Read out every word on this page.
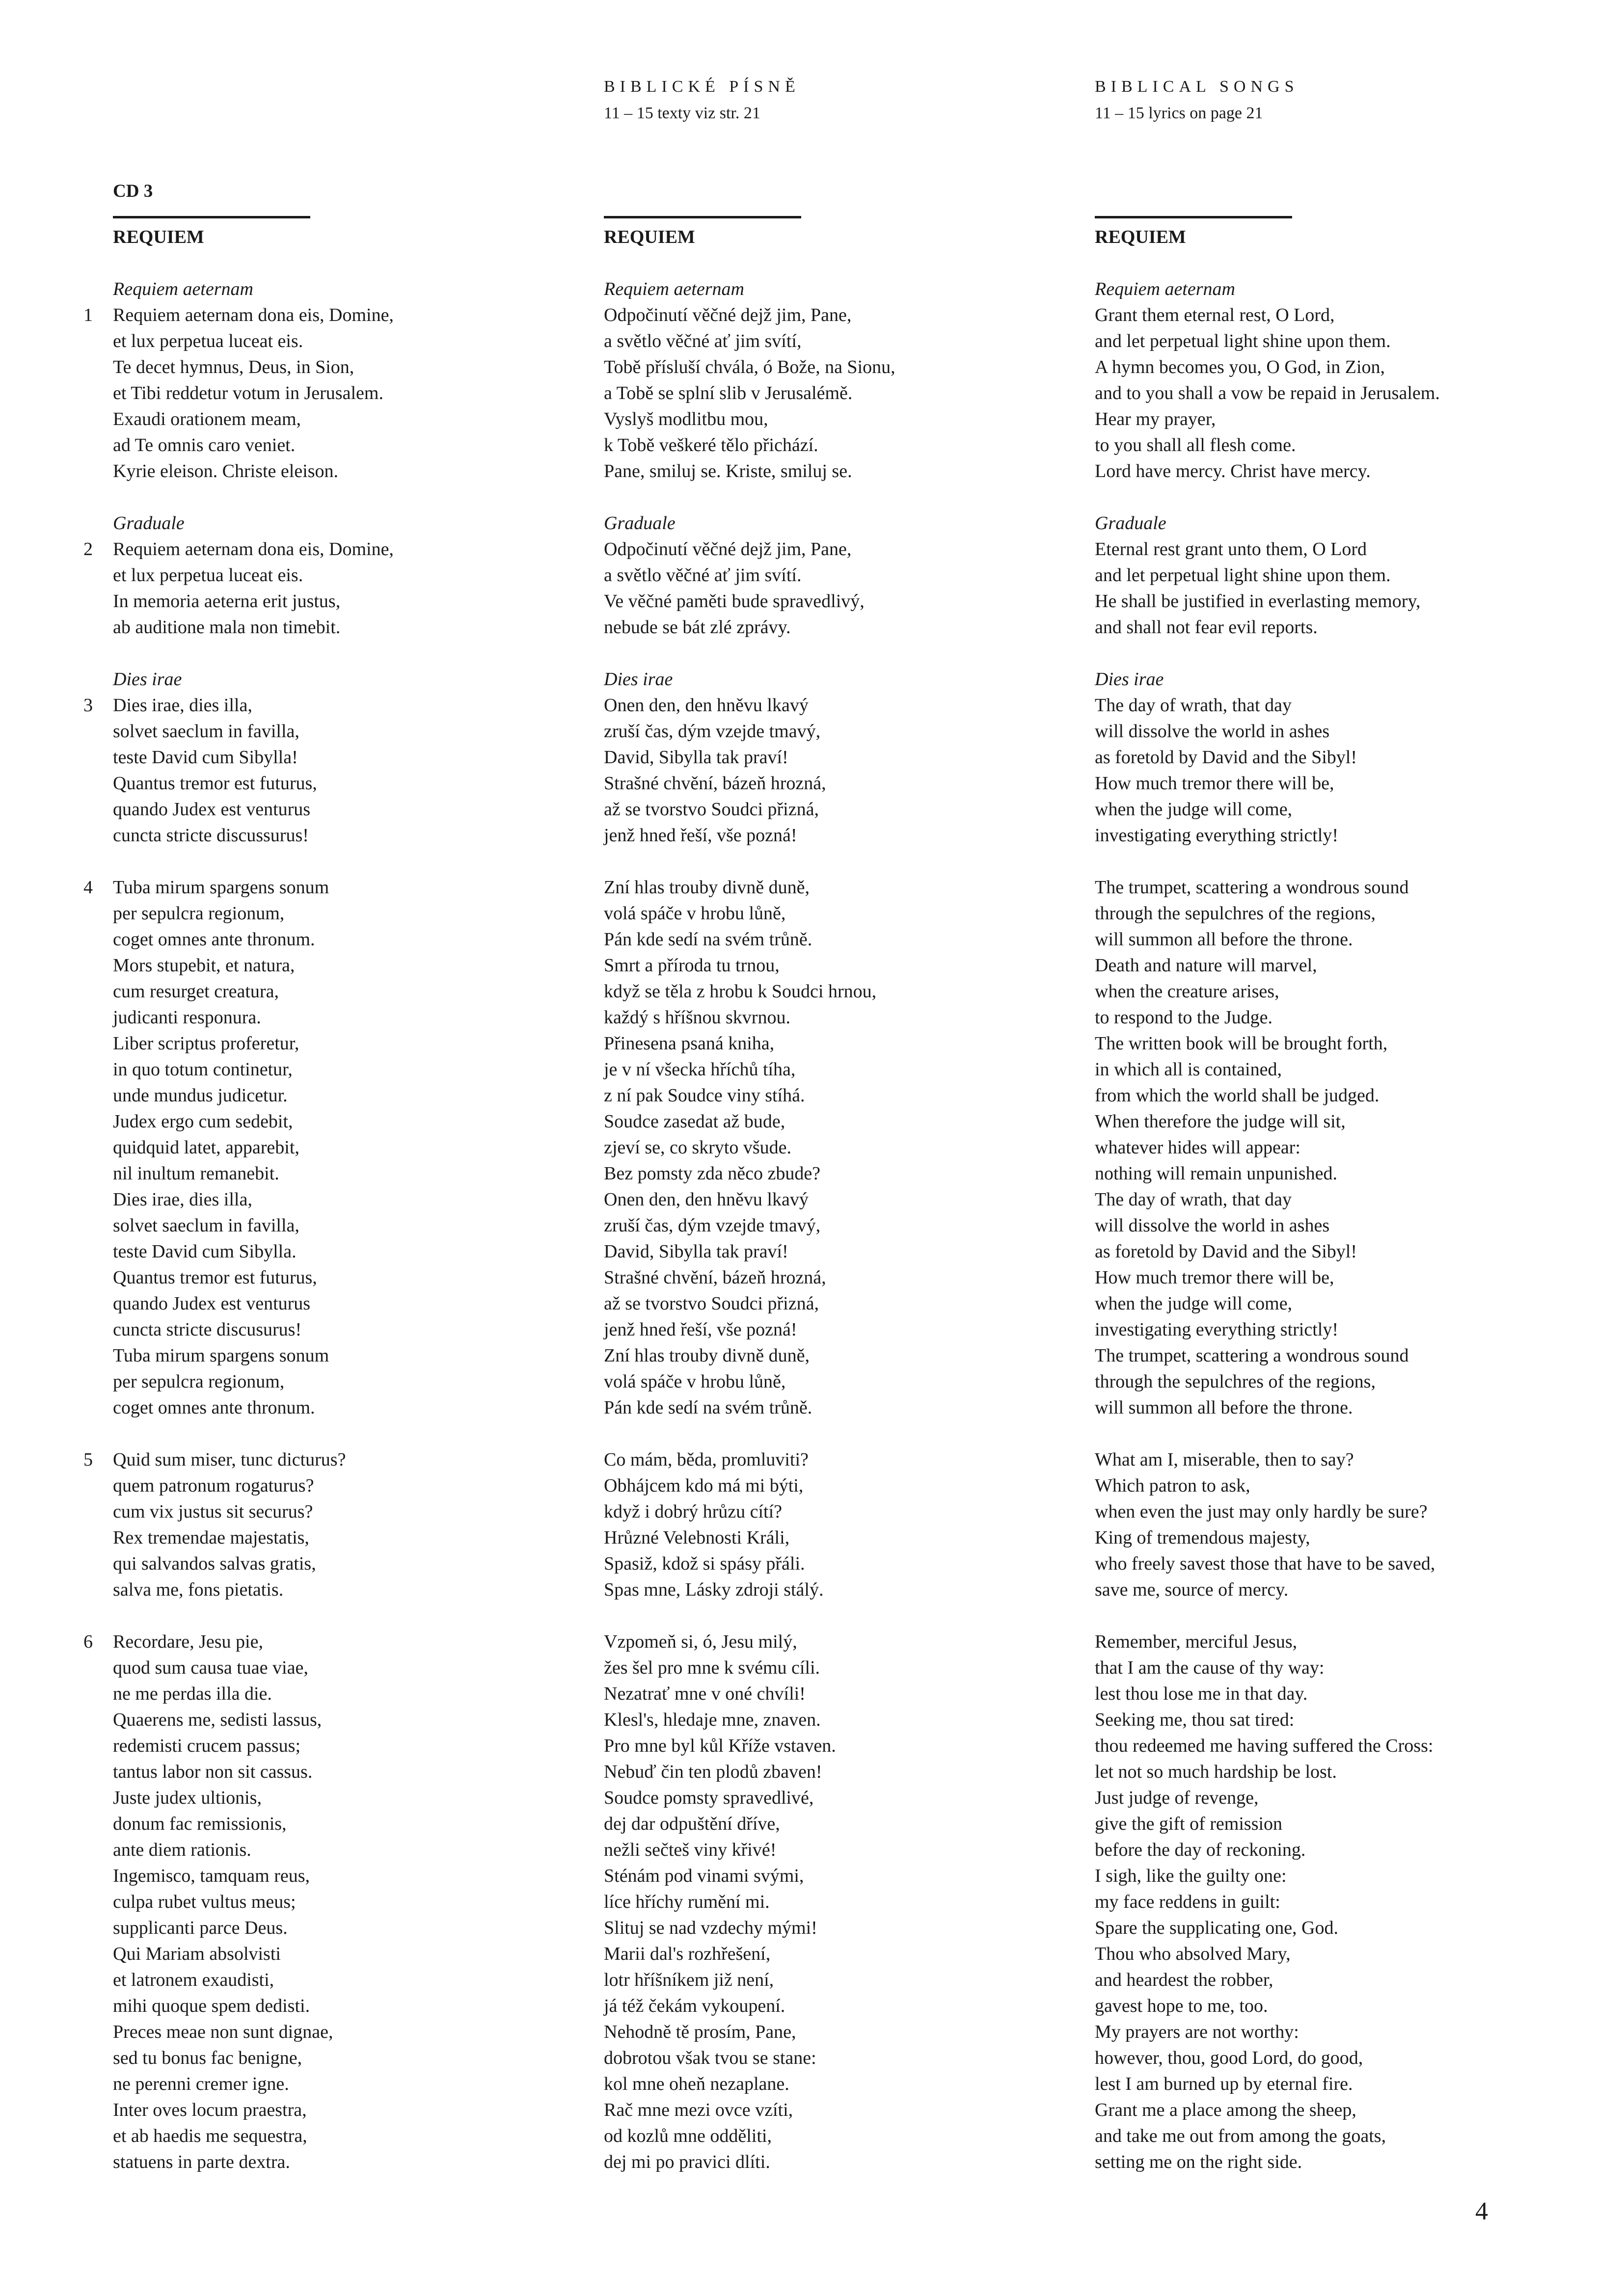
BIBLICKÉ PÍSNĚ
11 – 15 texty viz str. 21
BIBLICAL SONGS
11 – 15 lyrics on page 21
CD 3
REQUIEM
Requiem aeternam
1 Requiem aeternam dona eis, Domine,
et lux perpetua luceat eis.
Te decet hymnus, Deus, in Sion,
et Tibi reddetur votum in Jerusalem.
Exaudi orationem meam,
ad Te omnis caro veniet.
Kyrie eleison. Christe eleison.
Graduale
2 Requiem aeternam dona eis, Domine,
et lux perpetua luceat eis.
In memoria aeterna erit justus,
ab auditione mala non timebit.
Dies irae
3 Dies irae, dies illa,
solvet saeclum in favilla,
teste David cum Sibylla!
Quantus tremor est futurus,
quando Judex est venturus
cuncta stricte discussurus!
4 Tuba mirum spargens sonum
per sepulcra regionum,
coget omnes ante thronum.
Mors stupebit, et natura,
cum resurget creatura,
judicanti responura.
Liber scriptus proferetur,
in quo totum continetur,
unde mundus judicetur.
Judex ergo cum sedebit,
quidquid latet, apparebit,
nil inultum remanebit.
Dies irae, dies illa,
solvet saeclum in favilla,
teste David cum Sibylla.
Quantus tremor est futurus,
quando Judex est venturus
cuncta stricte discusurus!
Tuba mirum spargens sonum
per sepulcra regionum,
coget omnes ante thronum.
5 Quid sum miser, tunc dicturus?
quem patronum rogaturus?
cum vix justus sit securus?
Rex tremendae majestatis,
qui salvandos salvas gratis,
salva me, fons pietatis.
6 Recordare, Jesu pie,
quod sum causa tuae viae,
ne me perdas illa die.
Quaerens me, sedisti lassus,
redemisti crucem passus;
tantus labor non sit cassus.
Juste judex ultionis,
donum fac remissionis,
ante diem rationis.
Ingemisco, tamquam reus,
culpa rubet vultus meus;
supplicanti parce Deus.
Qui Mariam absolvisti
et latronem exaudisti,
mihi quoque spem dedisti.
Preces meae non sunt dignae,
sed tu bonus fac benigne,
ne perenni cremer igne.
Inter oves locum praestra,
et ab haedis me sequestra,
statuens in parte dextra.
REQUIEM
Requiem aeternam
Odpočinutí věčné dejž jim, Pane,
a světlo věčné ať jim svítí,
Tobě přísluší chvála, ó Bože, na Sionu,
a Tobě se splní slib v Jerusalémě.
Vyslyš modlitbu mou,
k Tobě veškeré tělo přichází.
Pane, smiluj se. Kriste, smiluj se.
Graduale
Odpočinutí věčné dejž jim, Pane,
a světlo věčné ať jim svítí.
Ve věčné paměti bude spravedlivý,
nebude se bát zlé zprávy.
Dies irae
Onen den, den hněvu lkavý
zruší čas, dým vzejde tmavý,
David, Sibylla tak praví!
Strašné chvění, bázeň hrozná,
až se tvorstvo Soudci přizná,
jenž hned řeší, vše pozná!
Zní hlas trouby divně duně,
volá spáče v hrobu lůně,
Pán kde sedí na svém trůně.
Smrt a příroda tu trnou,
když se těla z hrobu k Soudci hrnou,
každý s hříšnou skvrnou.
Přinesena psaná kniha,
je v ní všecka hříchů tíha,
z ní pak Soudce viny stíhá.
Soudce zasedat až bude,
zjeví se, co skryto všude.
Bez pomsty zda něco zbude?
Onen den, den hněvu lkavý
zruší čas, dým vzejde tmavý,
David, Sibylla tak praví!
Strašné chvění, bázeň hrozná,
až se tvorstvo Soudci přizná,
jenž hned řeší, vše pozná!
Zní hlas trouby divně duně,
volá spáče v hrobu lůně,
Pán kde sedí na svém trůně.
Co mám, běda, promluviti?
Obhájcem kdo má mi býti,
když i dobrý hrůzu cítí?
Hrůzné Velebnosti Králi,
Spasiž, kdož si spásy přáli.
Spas mne, Lásky zdroji stálý.
Vzpomeň si, ó, Jesu milý,
žes šel pro mne k svému cíli.
Nezatrať mne v oné chvíli!
Klesl's, hledaje mne, znaven.
Pro mne byl kůl Kříže vstaven.
Nebuď čin ten plodů zbaven!
Soudce pomsty spravedlivé,
dej dar odpuštění dříve,
nežli sečteš viny křivé!
Sténám pod vinami svými,
líce hříchy rumění mi.
Slituj se nad vzdechy mými!
Marii dal's rozhřešení,
lotr hříšníkem již není,
já též čekám vykoupení.
Nehodně tě prosím, Pane,
dobrotou však tvou se stane:
kol mne oheň nezaplane.
Rač mne mezi ovce vzíti,
od kozlů mne odděliti,
dej mi po pravici dlíti.
REQUIEM
Requiem aeternam
Grant them eternal rest, O Lord,
and let perpetual light shine upon them.
A hymn becomes you, O God, in Zion,
and to you shall a vow be repaid in Jerusalem.
Hear my prayer,
to you shall all flesh come.
Lord have mercy. Christ have mercy.
Graduale
Eternal rest grant unto them, O Lord
and let perpetual light shine upon them.
He shall be justified in everlasting memory,
and shall not fear evil reports.
Dies irae
The day of wrath, that day
will dissolve the world in ashes
as foretold by David and the Sibyl!
How much tremor there will be,
when the judge will come,
investigating everything strictly!
The trumpet, scattering a wondrous sound
through the sepulchres of the regions,
will summon all before the throne.
Death and nature will marvel,
when the creature arises,
to respond to the Judge.
The written book will be brought forth,
in which all is contained,
from which the world shall be judged.
When therefore the judge will sit,
whatever hides will appear:
nothing will remain unpunished.
The day of wrath, that day
will dissolve the world in ashes
as foretold by David and the Sibyl!
How much tremor there will be,
when the judge will come,
investigating everything strictly!
The trumpet, scattering a wondrous sound
through the sepulchres of the regions,
will summon all before the throne.
What am I, miserable, then to say?
Which patron to ask,
when even the just may only hardly be sure?
King of tremendous majesty,
who freely savest those that have to be saved,
save me, source of mercy.
Remember, merciful Jesus,
that I am the cause of thy way:
lest thou lose me in that day.
Seeking me, thou sat tired:
thou redeemed me having suffered the Cross:
let not so much hardship be lost.
Just judge of revenge,
give the gift of remission
before the day of reckoning.
I sigh, like the guilty one:
my face reddens in guilt:
Spare the supplicating one, God.
Thou who absolved Mary,
and heardest the robber,
gavest hope to me, too.
My prayers are not worthy:
however, thou, good Lord, do good,
lest I am burned up by eternal fire.
Grant me a place among the sheep,
and take me out from among the goats,
setting me on the right side.
4
